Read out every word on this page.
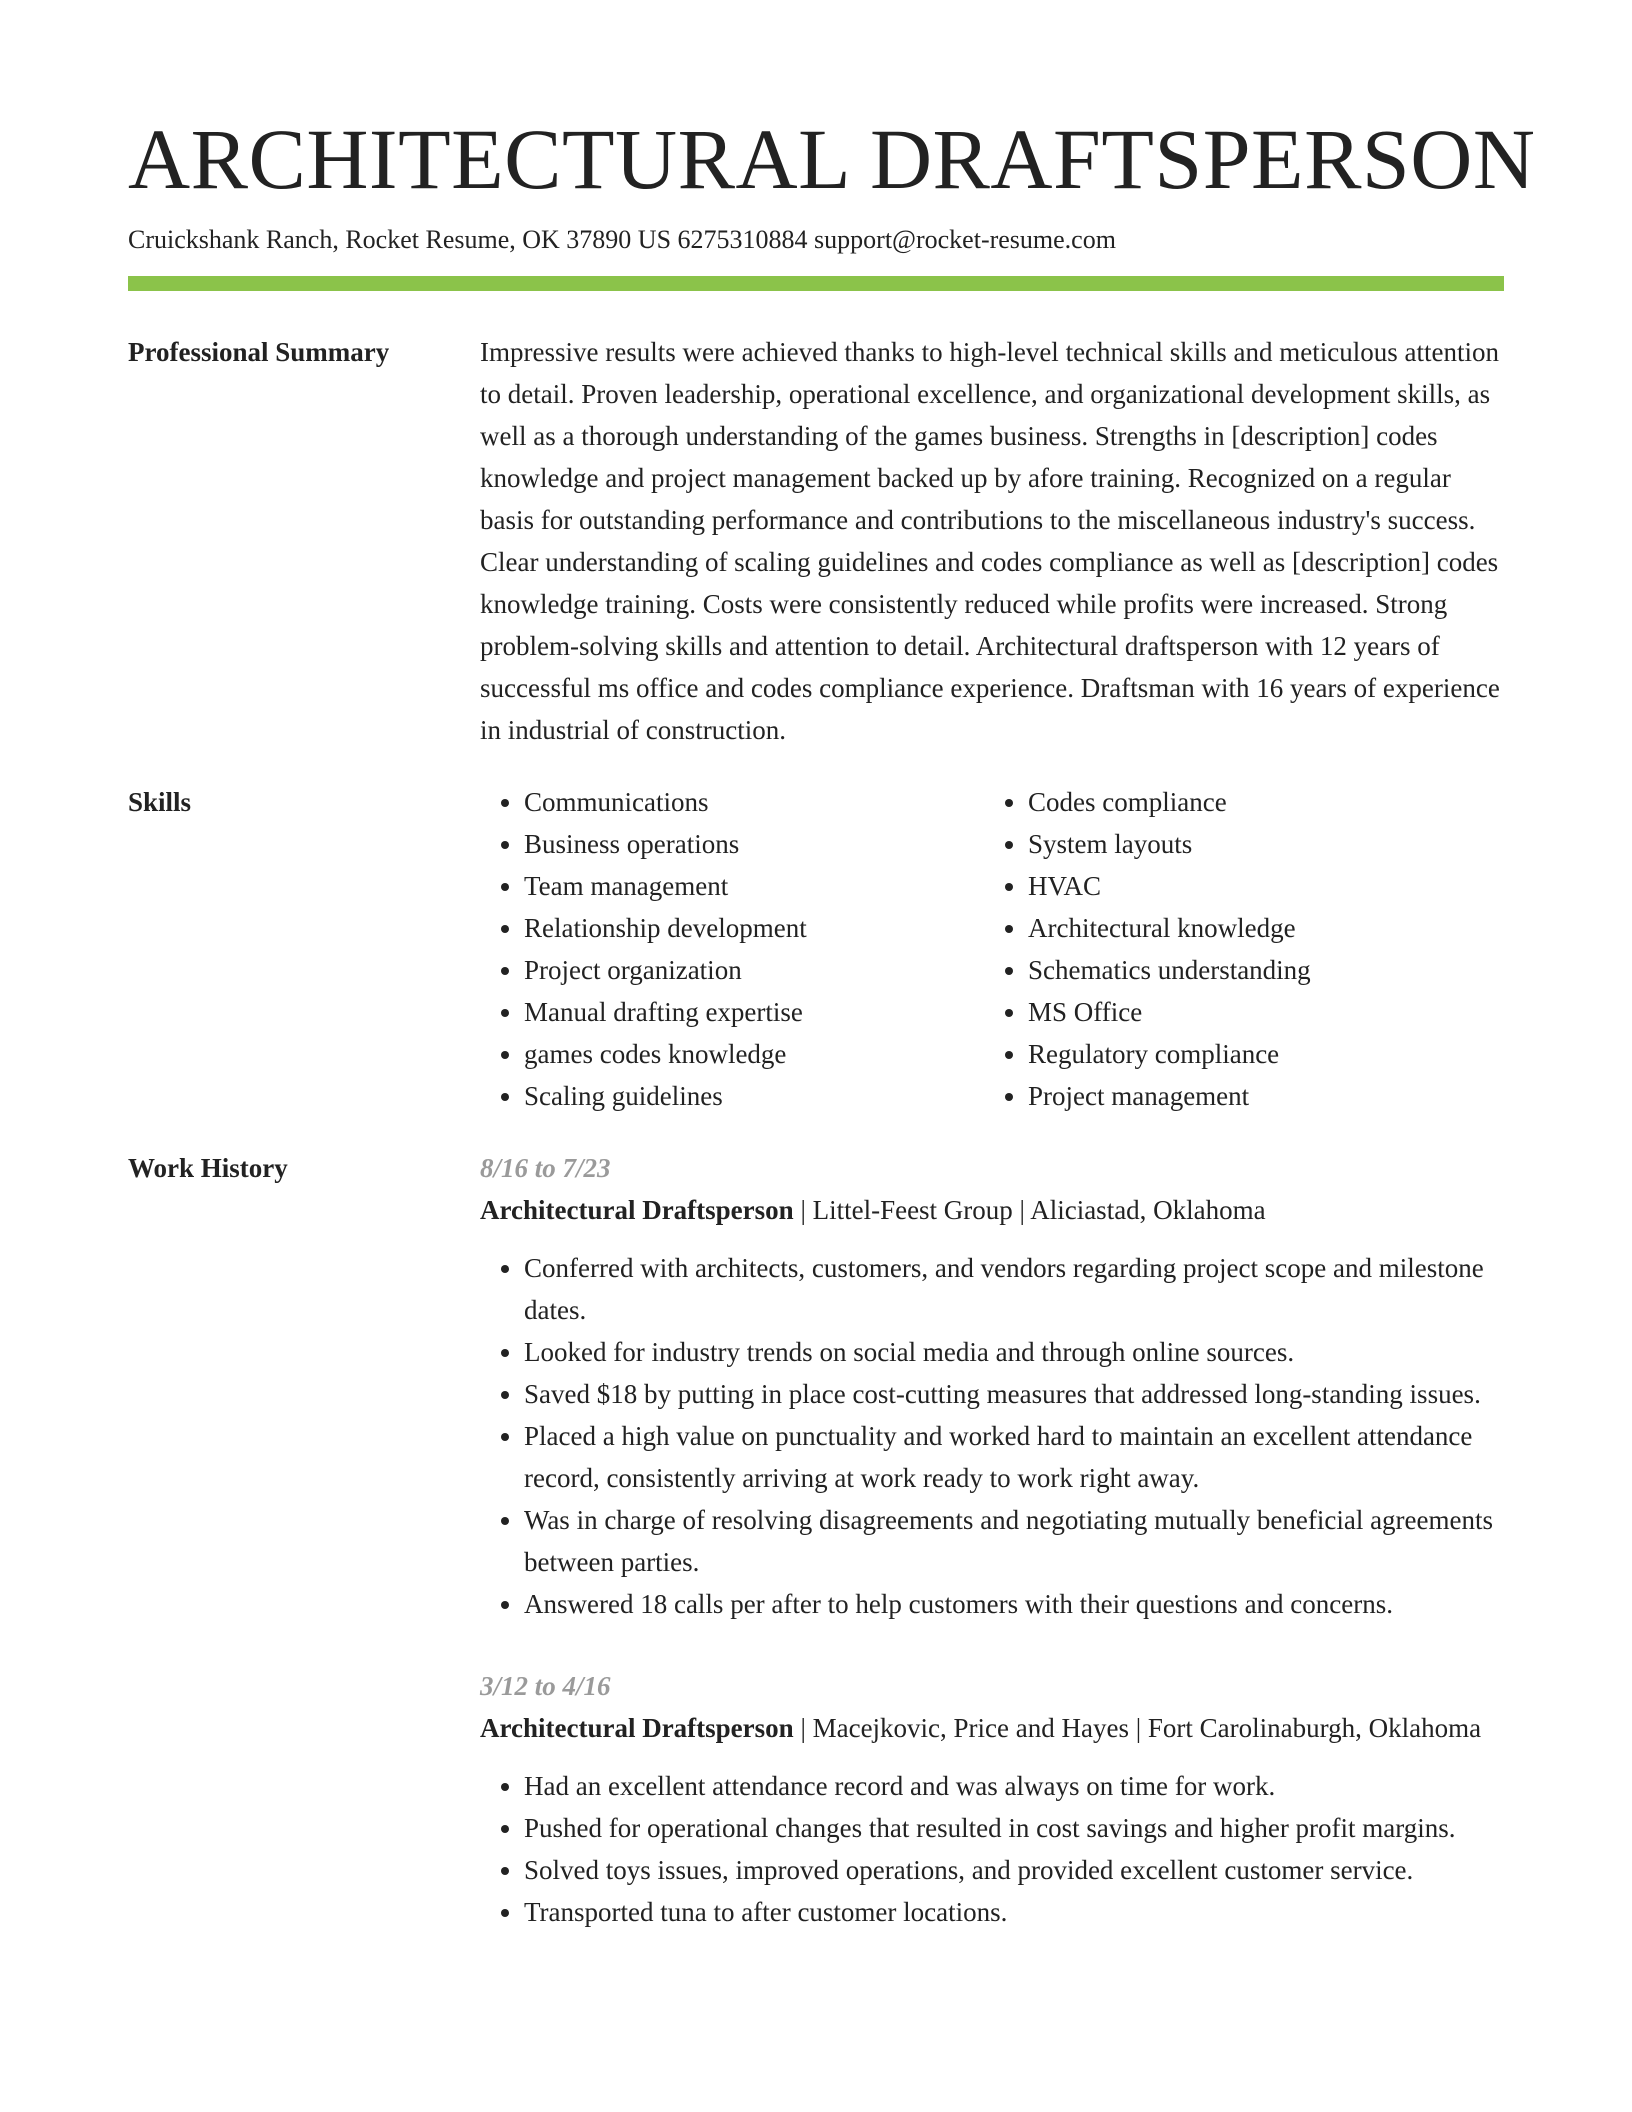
ARCHITECTURAL DRAFTSPERSON
Cruickshank Ranch, Rocket Resume, OK 37890 US 6275310884 support@rocket-resume.com
Professional Summary	Impressive results were achieved thanks to high-level technical skills and meticulous attention to detail. Proven leadership, operational excellence, and organizational development skills, as well as a thorough understanding of the games business. Strengths in [description] codes knowledge and project management backed up by afore training. Recognized on a regular basis for outstanding performance and contributions to the miscellaneous industry's success. Clear understanding of scaling guidelines and codes compliance as well as [description] codes knowledge training. Costs were consistently reduced while profits were increased. Strong problem-solving skills and attention to detail. Architectural draftsperson with 12 years of successful ms office and codes compliance experience. Draftsman with 16 years of experience in industrial of construction.

Skills
•	Communications
• Business operations
• Team management
• Relationship development
• Project organization
• Manual drafting expertise
• games codes knowledge
• Scaling guidelines
• Codes compliance
• System layouts
• HVAC
• Architectural knowledge
• Schematics understanding
• MS Office
• Regulatory compliance
• Project management
Work History	8/16 to 7/23
Architectural Draftsperson | Littel-Feest Group | Aliciastad, Oklahoma
• Conferred with architects, customers, and vendors regarding project scope and milestone dates.
• Looked for industry trends on social media and through online sources.
• Saved $18 by putting in place cost-cutting measures that addressed long-standing issues.
• Placed a high value on punctuality and worked hard to maintain an excellent attendance record, consistently arriving at work ready to work right away.
• Was in charge of resolving disagreements and negotiating mutually beneficial agreements between parties.
• Answered 18 calls per after to help customers with their questions and concerns.
3/12 to 4/16
Architectural Draftsperson | Macejkovic, Price and Hayes | Fort Carolinaburgh, Oklahoma
• Had an excellent attendance record and was always on time for work.
• Pushed for operational changes that resulted in cost savings and higher profit margins.
• Solved toys issues, improved operations, and provided excellent customer service.
• Transported tuna to after customer locations.
